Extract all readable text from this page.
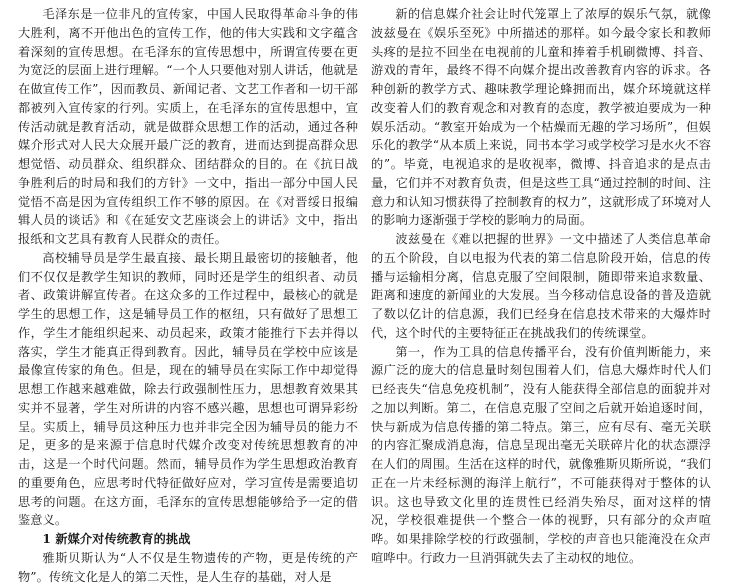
毛泽东是一位非凡的宣传家，中国人民取得革命斗争的伟大胜利，离不开他出色的宣传工作，他的伟大实践和文字蕴含着深刻的宣传思想。在毛泽东的宣传思想中，所谓宣传要在更为宽泛的层面上进行理解。“一个人只要他对别人讲话，他就是在做宣传工作”，因而教员、新闻记者、文艺工作者和一切干部都被列入宣传家的行列。实质上，在毛泽东的宣传思想中，宣传活动就是教育活动，就是做群众思想工作的活动，通过各种媒介形式对人民大众展开最广泛的教育，进而达到提高群众思想觉悟、动员群众、组织群众、团结群众的目的。在《抗日战争胜利后的时局和我们的方针》一文中，指出一部分中国人民觉悟不高是因为宣传组织工作不够的原因。在《对晋绥日报编辑人员的谈话》和《在延安文艺座谈会上的讲话》文中，指出报纸和文艺具有教育人民群众的责任。

高校辅导员是学生最直接、最长期且最密切的接触者，他们不仅仅是教学生知识的教师，同时还是学生的组织者、动员者、政策讲解宣传者。在这众多的工作过程中，最核心的就是学生的思想工作，这是辅导员工作的枢纽，只有做好了思想工作，学生才能组织起来、动员起来，政策才能推行下去并得以落实，学生才能真正得到教育。因此，辅导员在学校中应该是最像宣传家的角色。但是，现在的辅导员在实际工作中却觉得思想工作越来越难做，除去行政强制性压力，思想教育效果其实并不显著，学生对所讲的内容不感兴趣，思想也可谓异彩纷呈。实质上，辅导员这种压力也并非完全因为辅导员的能力不足，更多的是来源于信息时代媒介改变对传统思想教育的冲击，这是一个时代问题。然而，辅导员作为学生思想政治教育的重要角色，应思考时代特征做好应对，学习宣传是需要追切思考的问题。在这方面，毛泽东的宣传思想能够给予一定的借鉴意义。

1 新媒介对传统教育的挑战

雅斯贝斯认为“人不仅是生物遗传的产物，更是传统的产物”。传统文化是人的第二天性，是人生存的基础，对人是

新的信息媒介社会让时代笼罩上了浓厚的娱乐气氛，就像波兹曼在《娱乐至死》中所描述的那样。如今最令家长和教师头疼的是拉不回坐在电视前的儿童和捧着手机刷微博、抖音、游戏的青年，最终不得不向媒介提出改善教育内容的诉求。各种创新的教学方式、趣味教学理论蜂拥而出，媒介环境就这样改变着人们的教育观念和对教育的态度，教学被迫要成为一种娱乐活动。“教室开始成为一个枯燥而无趣的学习场所”，但娱乐化的教学“从本质上来说，同书本学习或学校学习是水火不容的”。毕竟，电视追求的是收视率，微博、抖音追求的是点击量，它们并不对教育负责，但是这些工具“通过控制的时间、注意力和认知习惯获得了控制教育的权力”，这就形成了环境对人的影响力逐渐强于学校的影响力的局面。

波兹曼在《难以把握的世界》一文中描述了人类信息革命的五个阶段，自以电报为代表的第二信息阶段开始，信息的传播与运输相分离，信息克服了空间限制，随即带来追求数量、距离和速度的新闻业的大发展。当今移动信息设备的普及造就了数以亿计的信息源，我们已经身在信息技术带来的大爆炸时代，这个时代的主要特征正在挑战我们的传统课堂。

第一，作为工具的信息传播平台，没有价值判断能力，来源广泛的庞大的信息量时刻包围着人们，信息大爆炸时代人们已经丧失“信息免疫机制”，没有人能获得全部信息的面貌并对之加以判断。第二，在信息克服了空间之后就开始追逐时间，快与新成为信息传播的第二特点。第三，应有尽有、毫无关联的内容汇聚成消息海，信息呈现出毫无关联碎片化的状态漂浮在人们的周围。生活在这样的时代，就像雅斯贝斯所说，“我们正在一片未经标测的海洋上航行”，不可能获得对于整体的认识。这也导致文化里的连贯性已经消失殆尽，面对这样的情况，学校很难提供一个整合一体的视野，只有部分的众声喧哗。如果排除学校的行政强制，学校的声音也只能淹没在众声喧哗中。行政力一旦消弭就失去了主动权的地位。
